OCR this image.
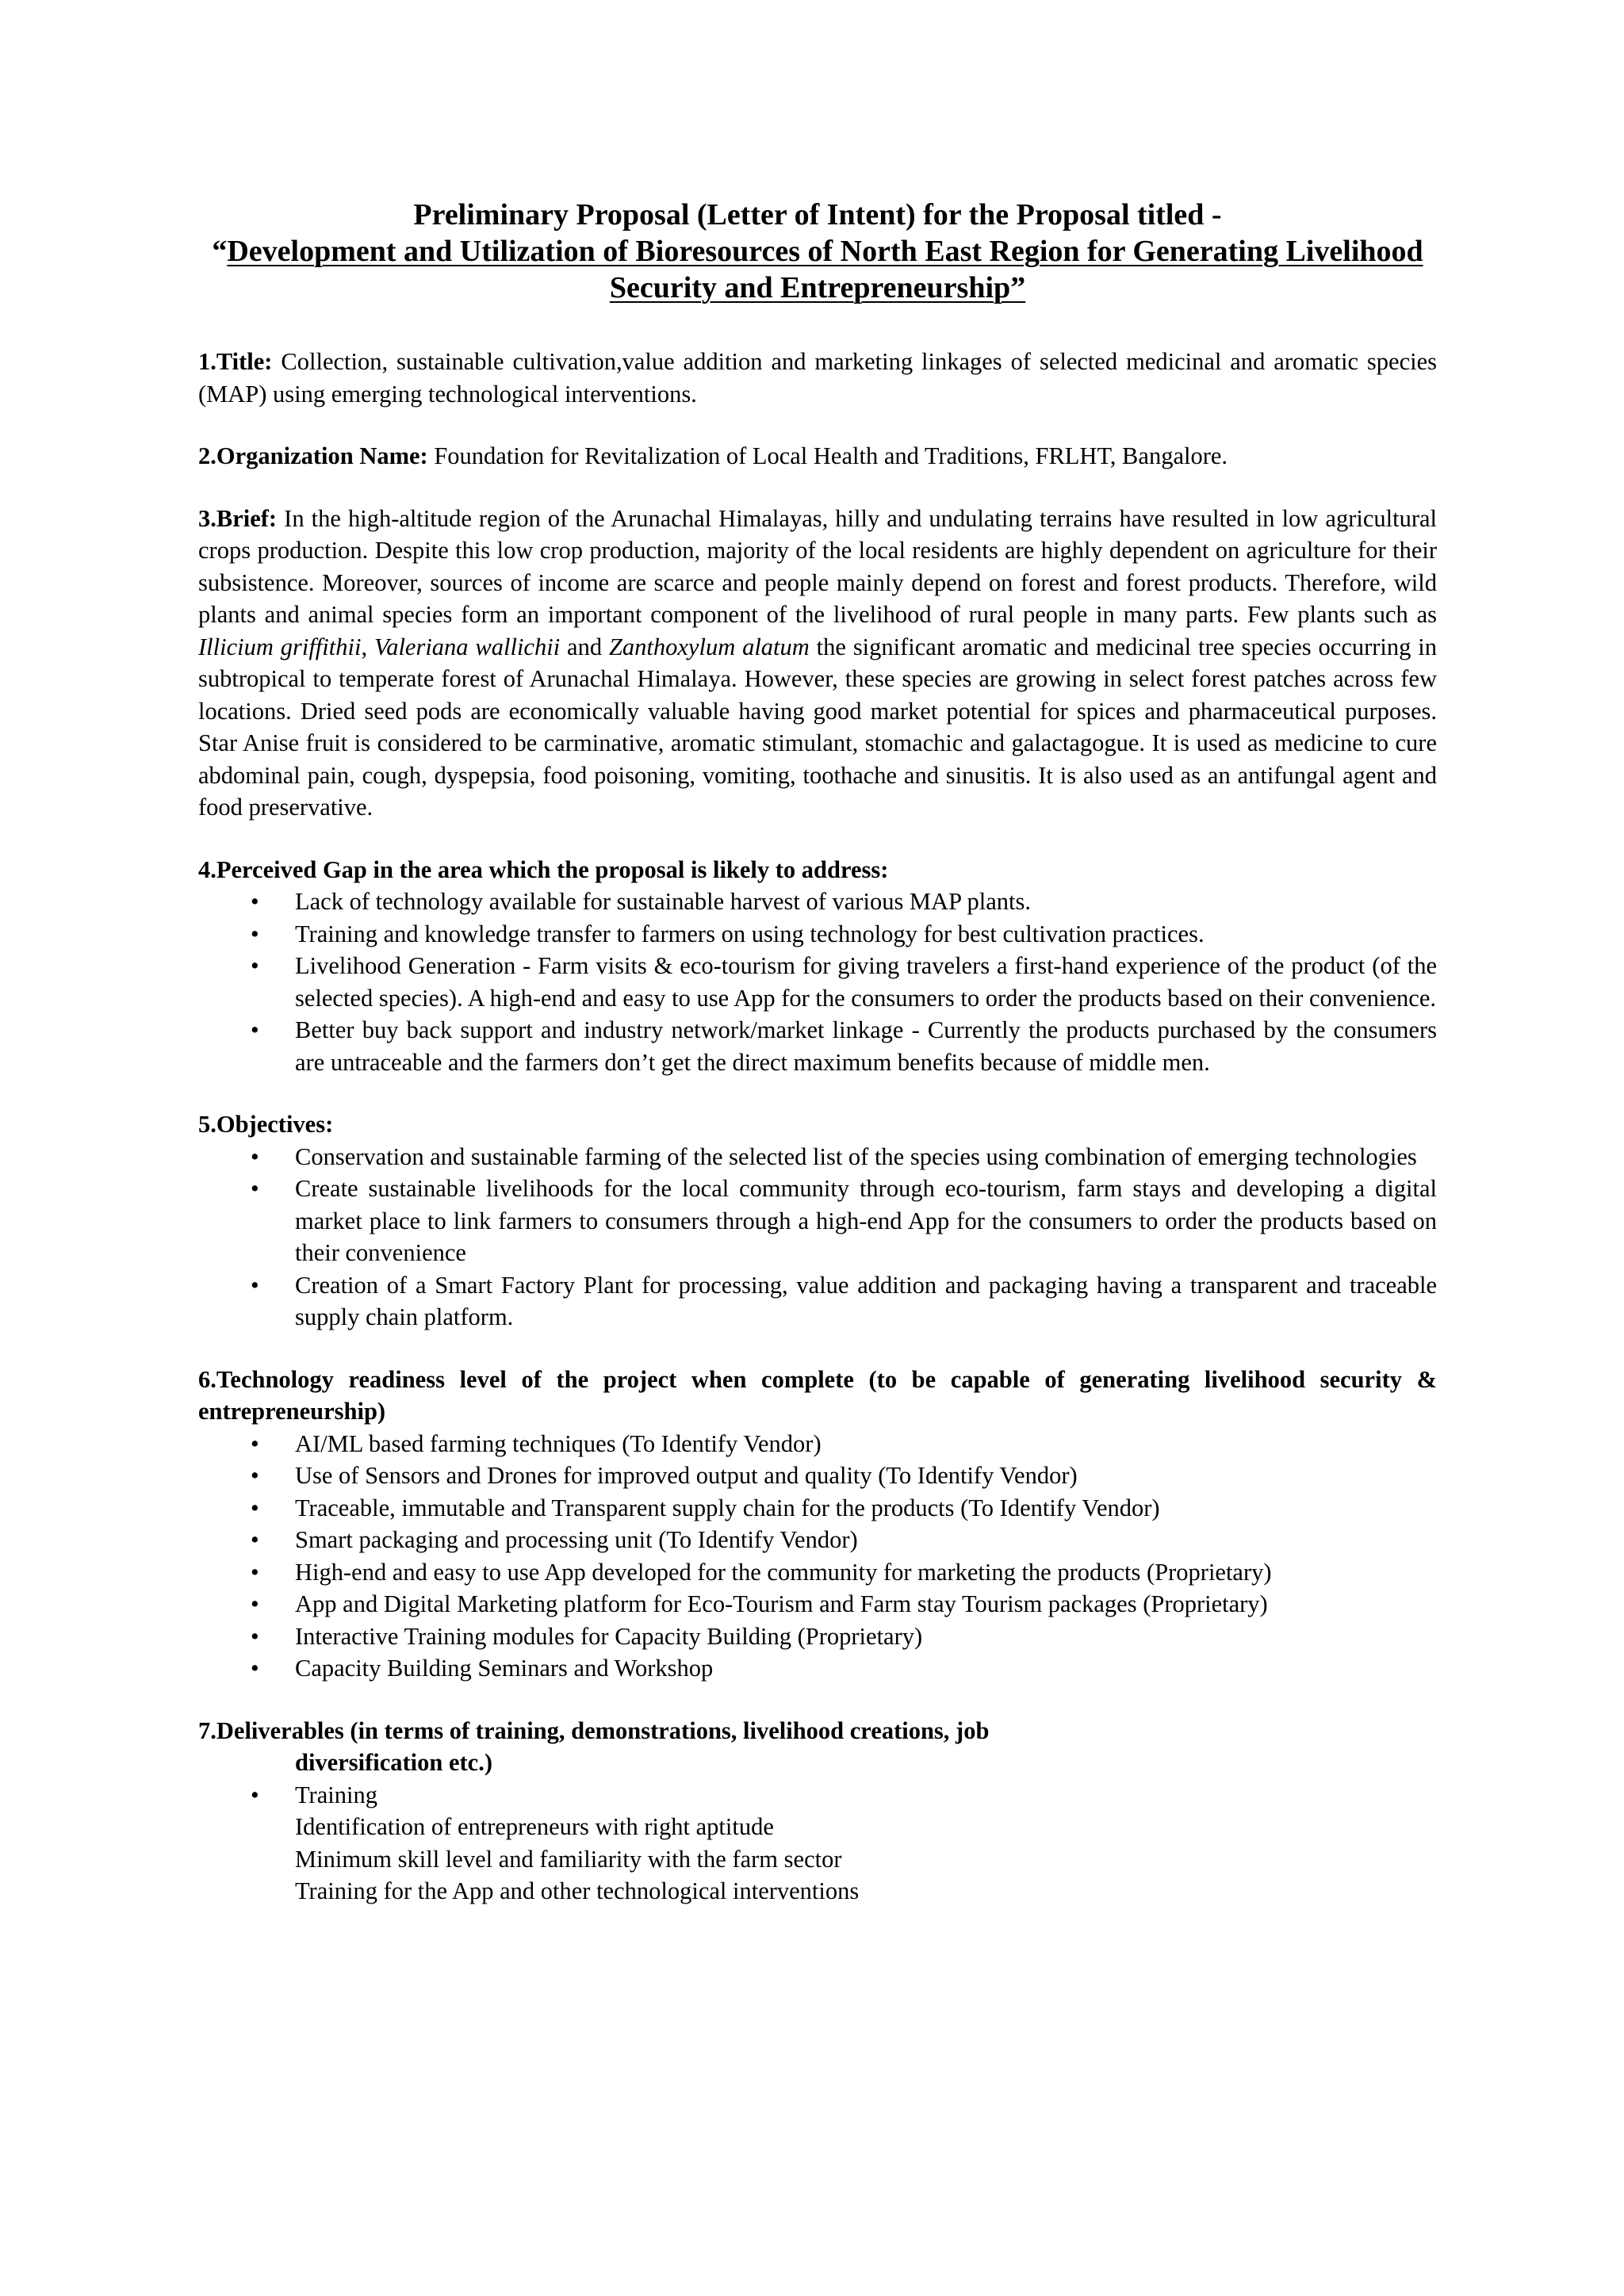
Preliminary Proposal (Letter of Intent) for the Proposal titled -
“Development and Utilization of Bioresources of North East Region for Generating Livelihood Security and Entrepreneurship”

1.Title: Collection, sustainable cultivation,value addition and marketing linkages of selected medicinal and aromatic species (MAP) using emerging technological interventions.

2.Organization Name: Foundation for Revitalization of Local Health and Traditions, FRLHT, Bangalore.

3.Brief: In the high-altitude region of the Arunachal Himalayas, hilly and undulating terrains have resulted in low agricultural crops production. Despite this low crop production, majority of the local residents are highly dependent on agriculture for their subsistence. Moreover, sources of income are scarce and people mainly depend on forest and forest products. Therefore, wild plants and animal species form an important component of the livelihood of rural people in many parts. Few plants such as Illicium griffithii, Valeriana wallichii and Zanthoxylum alatum the significant aromatic and medicinal tree species occurring in subtropical to temperate forest of Arunachal Himalaya. However, these species are growing in select forest patches across few locations. Dried seed pods are economically valuable having good market potential for spices and pharmaceutical purposes. Star Anise fruit is considered to be carminative, aromatic stimulant, stomachic and galactagogue. It is used as medicine to cure abdominal pain, cough, dyspepsia, food poisoning, vomiting, toothache and sinusitis. It is also used as an antifungal agent and food preservative.

4.Perceived Gap in the area which the proposal is likely to address:
• Lack of technology available for sustainable harvest of various MAP plants.
• Training and knowledge transfer to farmers on using technology for best cultivation practices.
• Livelihood Generation - Farm visits & eco-tourism for giving travelers a first-hand experience of the product (of the selected species). A high-end and easy to use App for the consumers to order the products based on their convenience.
• Better buy back support and industry network/market linkage - Currently the products purchased by the consumers are untraceable and the farmers don’t get the direct maximum benefits because of middle men.
5.Objectives:
• Conservation and sustainable farming of the selected list of the species using combination of emerging technologies
• Create sustainable livelihoods for the local community through eco-tourism, farm stays and developing a digital market place to link farmers to consumers through a high-end App for the consumers to order the products based on their convenience
• Creation of a Smart Factory Plant for processing, value addition and packaging having a transparent and traceable supply chain platform.
6.Technology readiness level of the project when complete (to be capable of generating livelihood security & entrepreneurship)
• AI/ML based farming techniques (To Identify Vendor)
• Use of Sensors and Drones for improved output and quality (To Identify Vendor)
• Traceable, immutable and Transparent supply chain for the products (To Identify Vendor)
• Smart packaging and processing unit (To Identify Vendor)
• High-end and easy to use App developed for the community for marketing the products (Proprietary)
• App and Digital Marketing platform for Eco-Tourism and Farm stay Tourism packages (Proprietary)
• Interactive Training modules for Capacity Building (Proprietary)
• Capacity Building Seminars and Workshop
7.Deliverables (in terms of training, demonstrations, livelihood creations, job
diversification etc.)
• Training
Identification of entrepreneurs with right aptitude
Minimum skill level and familiarity with the farm sector
Training for the App and other technological interventions
